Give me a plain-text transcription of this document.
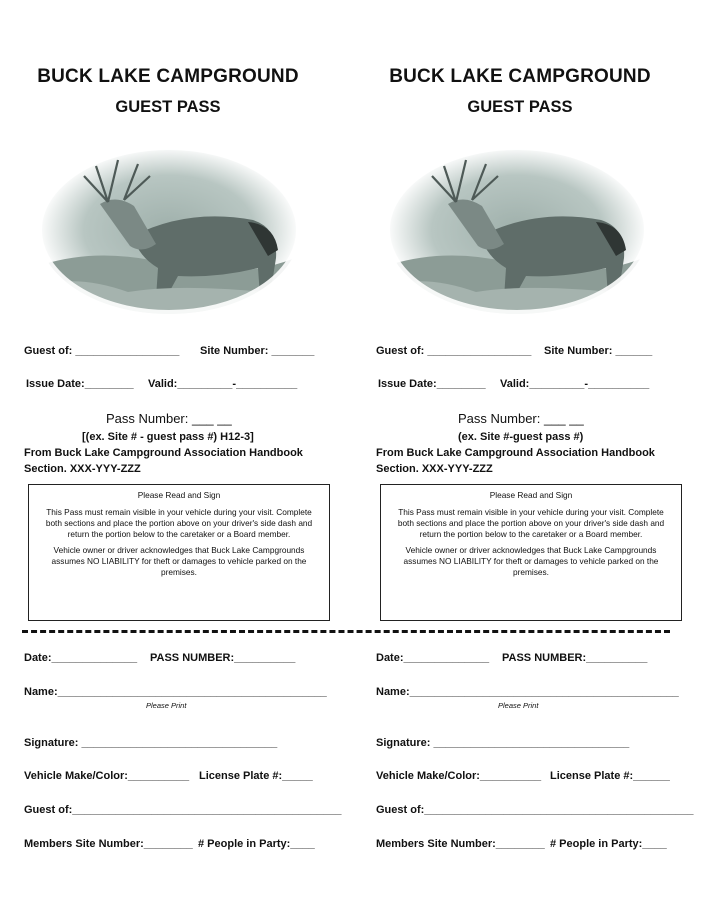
BUCK LAKE CAMPGROUND
GUEST PASS
Guest of: _________________ Site Number: _______
Issue Date:________ Valid:_________-__________
Pass Number: ___ __
[(ex. Site # - guest pass #) H12-3]
From Buck Lake Campground Association Handbook
Section. XXX-YYY-ZZZ

Please Read and Sign

This Pass must remain visible in your vehicle during your visit. Complete both sections and place the portion above on your driver's side dash and return the portion below to the caretaker or a Board member.

Vehicle owner or driver acknowledges that Buck Lake Campgrounds assumes NO LIABILITY for theft or damages to vehicle parked on the premises.

Date:______________ PASS NUMBER:__________
Name:____________________________________________
Please Print
Signature: ________________________________
Vehicle Make/Color:__________ License Plate #:_____
Guest of:____________________________________________
Members Site Number:________ # People in Party:____
BUCK LAKE CAMPGROUND
GUEST PASS
Guest of: _________________ Site Number: ______
Issue Date:________ Valid:_________-__________
Pass Number: ___ __
(ex. Site #-guest pass #)
From Buck Lake Campground Association Handbook
Section. XXX-YYY-ZZZ

Please Read and Sign

This Pass must remain visible in your vehicle during your visit. Complete both sections and place the portion above on your driver's side dash and return the portion below to the caretaker or a Board member.

Vehicle owner or driver acknowledges that Buck Lake Campgrounds assumes NO LIABILITY for theft or damages to vehicle parked on the premises.

Date:______________ PASS NUMBER:__________
Name:____________________________________________
Please Print
Signature: ________________________________
Vehicle Make/Color:__________ License Plate #:______
Guest of:____________________________________________
Members Site Number:________ # People in Party:____
